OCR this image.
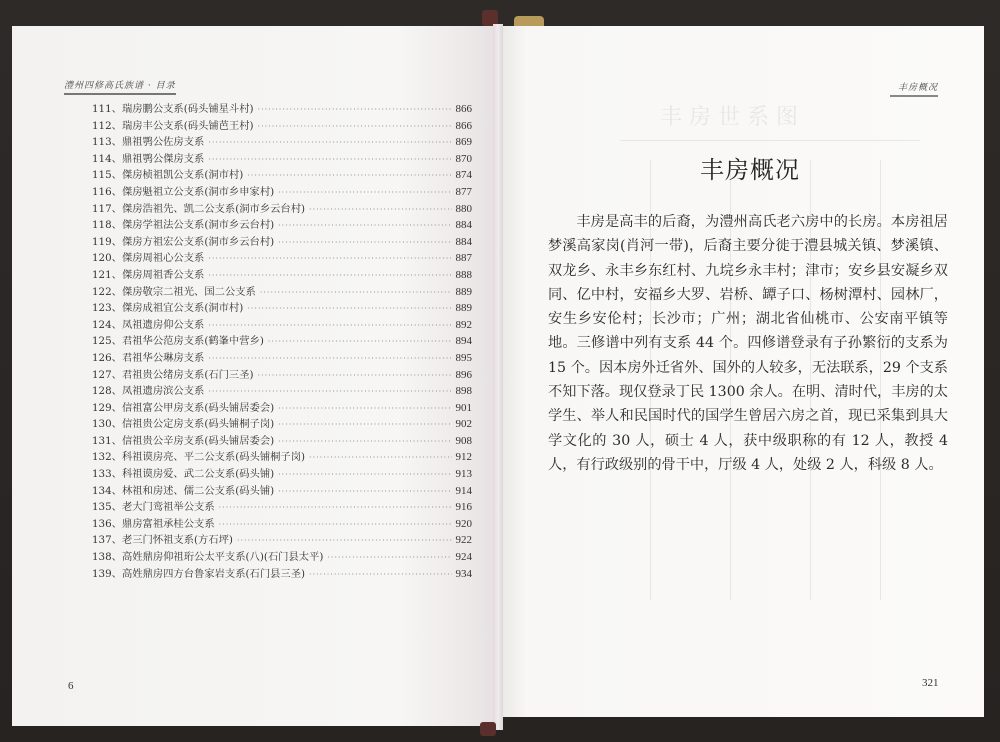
澧州四修高氏族谱 · 目录
111、瑞房鹏公支系(码头铺星斗村) ·····	866
112、瑞房丰公支系(码头铺芭王村) ·····	866
113、鼎祖鹗公佐房支系 ·····	869
114、鼎祖鹗公傑房支系 ·····	870
115、傑房桢祖凯公支系(洞市村) ·····	874
116、傑房魁祖立公支系(洞市乡申家村) ·····	877
117、傑房浩祖先、凯二公支系(洞市乡云台村) ·····	880
118、傑房学祖法公支系(洞市乡云台村) ·····	884
119、傑房方祖宏公支系(洞市乡云台村) ·····	884
120、傑房周祖心公支系 ·····	887
121、傑房周祖香公支系 ·····	888
122、傑房敬宗二祖光、国二公支系 ·····	889
123、傑房成祖宜公支系(洞市村) ·····	889
124、凤祖遗房仰公支系 ·····	892
125、君祖华公范房支系(鹤峯中营乡) ·····	894
126、君祖华公琳房支系 ·····	895
127、君祖贵公绪房支系(石门三圣) ·····	896
128、凤祖遗房滨公支系 ·····	898
129、信祖富公甲房支系(码头铺居委会) ·····	901
130、信祖贵公定房支系(码头铺桐子岗) ·····	902
131、信祖贵公辛房支系(码头铺居委会) ·····	908
132、科祖谟房亮、平二公支系(码头铺桐子岗) ·····	912
133、科祖谟房爱、武二公支系(码头铺) ·····	913
134、林祖和房述、儒二公支系(码头铺) ·····	914
135、老大门鸾祖举公支系 ·····	916
136、鼎房富祖承桂公支系 ·····	920
137、老三门怀祖支系(方石坪) ·····	922
138、高姓鼎房仰祖珩公太平支系(八)(石门县太平) ·····	924
139、高姓鼎房四方台鲁家岩支系(石门县三圣) ·····	934
6
丰房概况
丰房概况

丰房是高丰的后裔，为澧州高氏老六房中的长房。本房祖居梦溪高家岗(肖河一带)，后裔主要分徙于澧县城关镇、梦溪镇、双龙乡、永丰乡东红村、九垸乡永丰村；津市；安乡县安凝乡双同、亿中村，安福乡大罗、岩桥、罈子口、杨树潭村、园林厂，安生乡安伦村；长沙市；广州；湖北省仙桃市、公安南平镇等地。三修谱中列有支系 44 个。四修谱登录有子孙繁衍的支系为 15 个。因本房外迁省外、国外的人较多，无法联系，29 个支系不知下落。现仅登录丁民 1300 余人。在明、清时代，丰房的太学生、举人和民国时代的国学生曾居六房之首，现已采集到具大学文化的 30 人，硕士 4 人，获中级职称的有 12 人，教授 4 人，有行政级别的骨干中，厅级 4 人，处级 2 人，科级 8 人。

321
